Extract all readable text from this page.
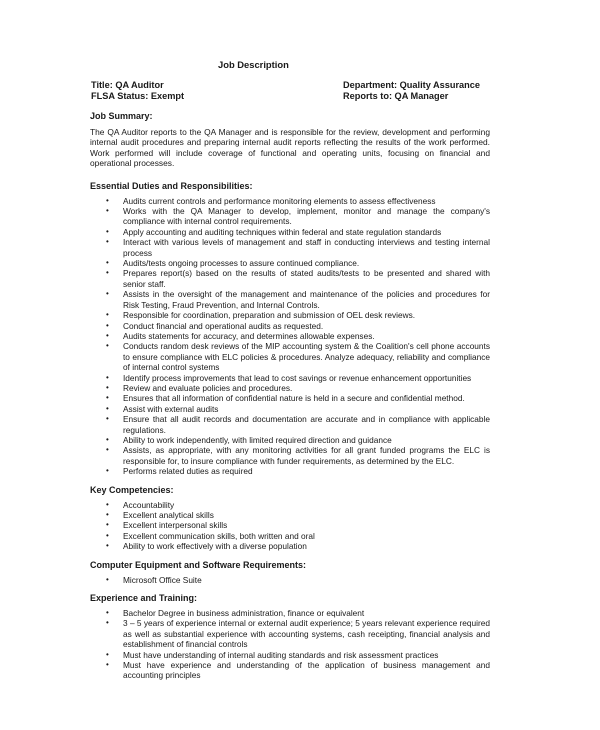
Job Description
Title: QA Auditor
FLSA Status: Exempt
Department: Quality Assurance
Reports to: QA Manager

Job Summary:

The QA Auditor reports to the QA Manager and is responsible for the review, development and performing internal audit procedures and preparing internal audit reports reflecting the results of the work performed. Work performed will include coverage of functional and operating units, focusing on financial and operational processes.

Essential Duties and Responsibilities:

• Audits current controls and performance monitoring elements to assess effectiveness
• Works with the QA Manager to develop, implement, monitor and manage the company's compliance with internal control requirements.
• Apply accounting and auditing techniques within federal and state regulation standards
• Interact with various levels of management and staff in conducting interviews and testing internal process
• Audits/tests ongoing processes to assure continued compliance.
• Prepares report(s) based on the results of stated audits/tests to be presented and shared with senior staff.
• Assists in the oversight of the management and maintenance of the policies and procedures for Risk Testing, Fraud Prevention, and Internal Controls.
• Responsible for coordination, preparation and submission of OEL desk reviews.
• Conduct financial and operational audits as requested.
• Audits statements for accuracy, and determines allowable expenses.
• Conducts random desk reviews of the MIP accounting system & the Coalition's cell phone accounts to ensure compliance with ELC policies & procedures. Analyze adequacy, reliability and compliance of internal control systems
• Identify process improvements that lead to cost savings or revenue enhancement opportunities
• Review and evaluate policies and procedures.
• Ensures that all information of confidential nature is held in a secure and confidential method.
• Assist with external audits
• Ensure that all audit records and documentation are accurate and in compliance with applicable regulations.
• Ability to work independently, with limited required direction and guidance
• Assists, as appropriate, with any monitoring activities for all grant funded programs the ELC is responsible for, to insure compliance with funder requirements, as determined by the ELC.
• Performs related duties as required

Key Competencies:

• Accountability
• Excellent analytical skills
• Excellent interpersonal skills
• Excellent communication skills, both written and oral
• Ability to work effectively with a diverse population

Computer Equipment and Software Requirements:

• Microsoft Office Suite

Experience and Training:

• Bachelor Degree in business administration, finance or equivalent
• 3 – 5 years of experience internal or external audit experience; 5 years relevant experience required as well as substantial experience with accounting systems, cash receipting, financial analysis and establishment of financial controls
• Must have understanding of internal auditing standards and risk assessment practices
• Must have experience and understanding of the application of business management and accounting principles
